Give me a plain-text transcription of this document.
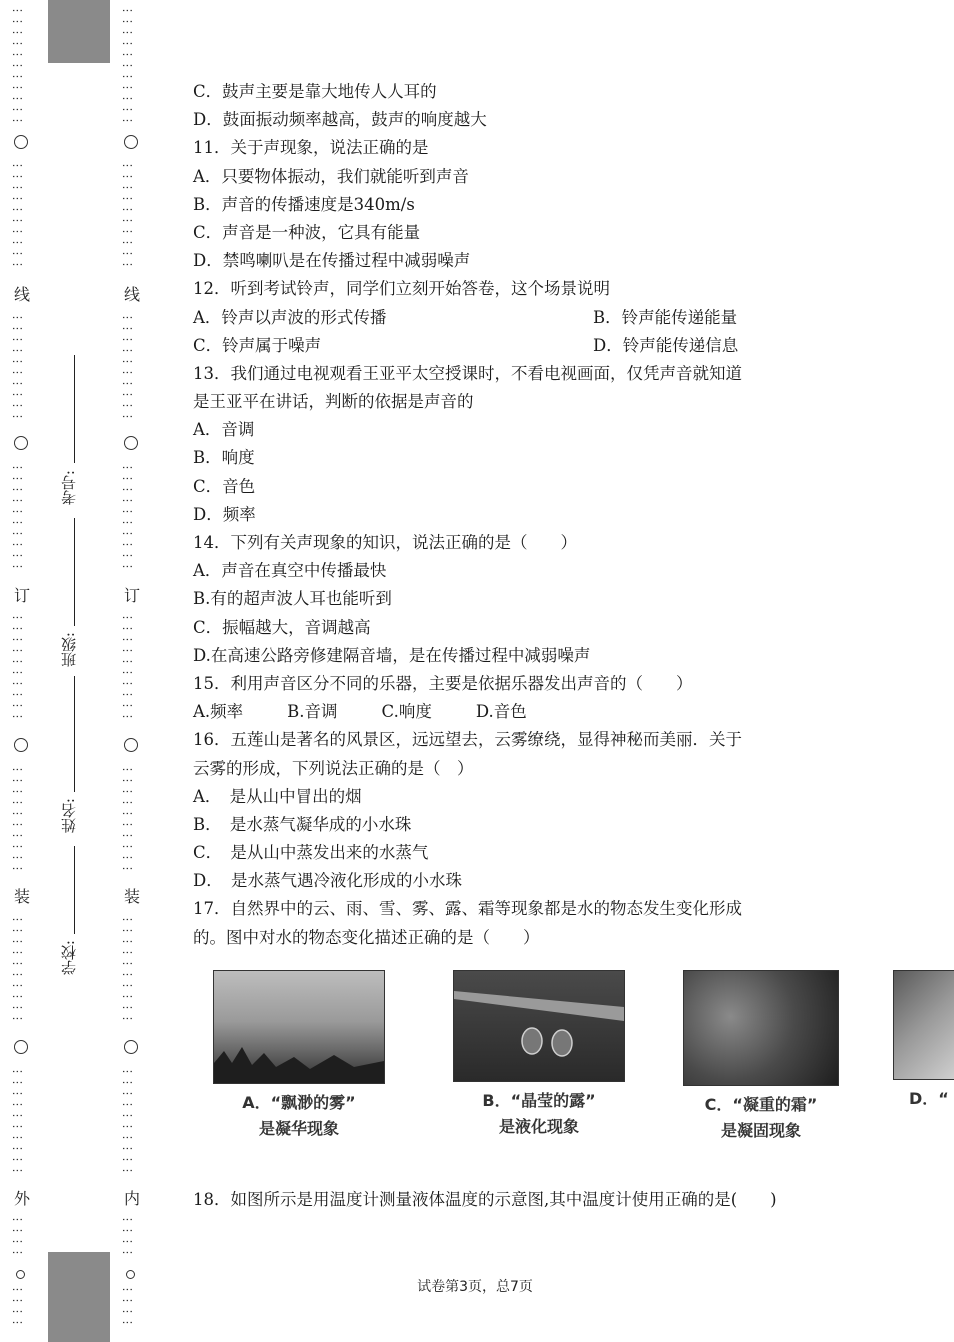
⋮⋮⋮⋮⋮⋮⋮⋮⋮⋮⋮
⋮⋮⋮⋮⋮⋮⋮⋮⋮⋮
线
⋮⋮⋮⋮⋮⋮⋮⋮⋮⋮
⋮⋮⋮⋮⋮⋮⋮⋮⋮⋮
订
⋮⋮⋮⋮⋮⋮⋮⋮⋮⋮
⋮⋮⋮⋮⋮⋮⋮⋮⋮⋮
装
⋮⋮⋮⋮⋮⋮⋮⋮⋮⋮
⋮⋮⋮⋮⋮⋮⋮⋮⋮⋮
外
⋮⋮⋮⋮
⋮⋮⋮⋮
⋮⋮⋮⋮⋮⋮⋮⋮⋮⋮⋮
⋮⋮⋮⋮⋮⋮⋮⋮⋮⋮
线
⋮⋮⋮⋮⋮⋮⋮⋮⋮⋮
⋮⋮⋮⋮⋮⋮⋮⋮⋮⋮
订
⋮⋮⋮⋮⋮⋮⋮⋮⋮⋮
⋮⋮⋮⋮⋮⋮⋮⋮⋮⋮
装
⋮⋮⋮⋮⋮⋮⋮⋮⋮⋮
⋮⋮⋮⋮⋮⋮⋮⋮⋮⋮
内
⋮⋮⋮⋮
⋮⋮⋮⋮
考号:
班级:
姓名:
学校:
C．鼓声主要是靠大地传人人耳的
D．鼓面振动频率越高，鼓声的响度越大
11．关于声现象，说法正确的是
A．只要物体振动，我们就能听到声音
B．声音的传播速度是340m/s
C．声音是一种波，它具有能量
D．禁鸣喇叭是在传播过程中减弱噪声
12．听到考试铃声，同学们立刻开始答卷，这个场景说明
A．铃声以声波的形式传播	B．铃声能传递能量
C．铃声属于噪声	D．铃声能传递信息
13．我们通过电视观看王亚平太空授课时，不看电视画面，仅凭声音就知道
是王亚平在讲话，判断的依据是声音的
A．音调
B．响度
C．音色
D．频率
14．下列有关声现象的知识，说法正确的是（　　）
A．声音在真空中传播最快
B.有的超声波人耳也能听到
C．振幅越大，音调越高
D.在高速公路旁修建隔音墙，是在传播过程中减弱噪声
15．利用声音区分不同的乐器，主要是依据乐器发出声音的（　　）
A.频率	B.音调	C.响度	D.音色
16．五莲山是著名的风景区，远远望去，云雾缭绕，显得神秘而美丽．关于
云雾的形成，下列说法正确的是（　）
A．　是从山中冒出的烟
B．　是水蒸气凝华成的小水珠
C．　是从山中蒸发出来的水蒸气
D．　是水蒸气遇冷液化形成的小水珠
17．自然界中的云、雨、雪、雾、露、霜等现象都是水的物态发生变化形成
的。图中对水的物态变化描述正确的是（　　）
A．“飘渺的雾”
是凝华现象
B．“晶莹的露”
是液化现象
C．“凝重的霜”
是凝固现象
D．“
18．如图所示是用温度计测量液体温度的示意图,其中温度计使用正确的是(　　)
试卷第3页，总7页
